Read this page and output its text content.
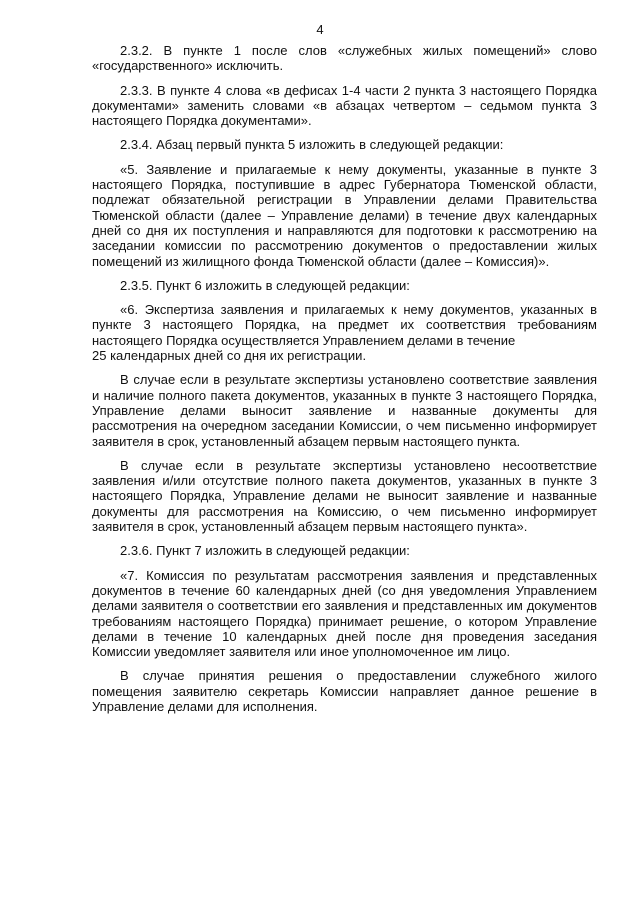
4

2.3.2. В пункте 1 после слов «служебных жилых помещений» слово «государственного» исключить.

2.3.3. В пункте 4 слова «в дефисах 1-4 части 2 пункта 3 настоящего Порядка документами» заменить словами «в абзацах четвертом – седьмом пункта 3 настоящего Порядка документами».

2.3.4. Абзац первый пункта 5 изложить в следующей редакции:

«5. Заявление и прилагаемые к нему документы, указанные в пункте 3 настоящего Порядка, поступившие в адрес Губернатора Тюменской области, подлежат обязательной регистрации в Управлении делами Правительства Тюменской области (далее – Управление делами) в течение двух календарных дней со дня их поступления и направляются для подготовки к рассмотрению на заседании комиссии по рассмотрению документов о предоставлении жилых помещений из жилищного фонда Тюменской области (далее – Комиссия)».

2.3.5. Пункт 6 изложить в следующей редакции:

«6. Экспертиза заявления и прилагаемых к нему документов, указанных в пункте 3 настоящего Порядка, на предмет их соответствия требованиям настоящего Порядка осуществляется Управлением делами в течение

25 календарных дней со дня их регистрации.

В случае если в результате экспертизы установлено соответствие заявления и наличие полного пакета документов, указанных в пункте 3 настоящего Порядка, Управление делами выносит заявление и названные документы для рассмотрения на очередном заседании Комиссии, о чем письменно информирует заявителя в срок, установленный абзацем первым настоящего пункта.

В случае если в результате экспертизы установлено несоответствие заявления и/или отсутствие полного пакета документов, указанных в пункте 3 настоящего Порядка, Управление делами не выносит заявление и названные документы для рассмотрения на Комиссию, о чем письменно информирует заявителя в срок, установленный абзацем первым настоящего пункта».

2.3.6. Пункт 7 изложить в следующей редакции:

«7. Комиссия по результатам рассмотрения заявления и представленных документов в течение 60 календарных дней (со дня уведомления Управлением делами заявителя о соответствии его заявления и представленных им документов требованиям настоящего Порядка) принимает решение, о котором Управление делами в течение 10 календарных дней после дня проведения заседания Комиссии уведомляет заявителя или иное уполномоченное им лицо.

В случае принятия решения о предоставлении служебного жилого помещения заявителю секретарь Комиссии направляет данное решение в Управление делами для исполнения.
